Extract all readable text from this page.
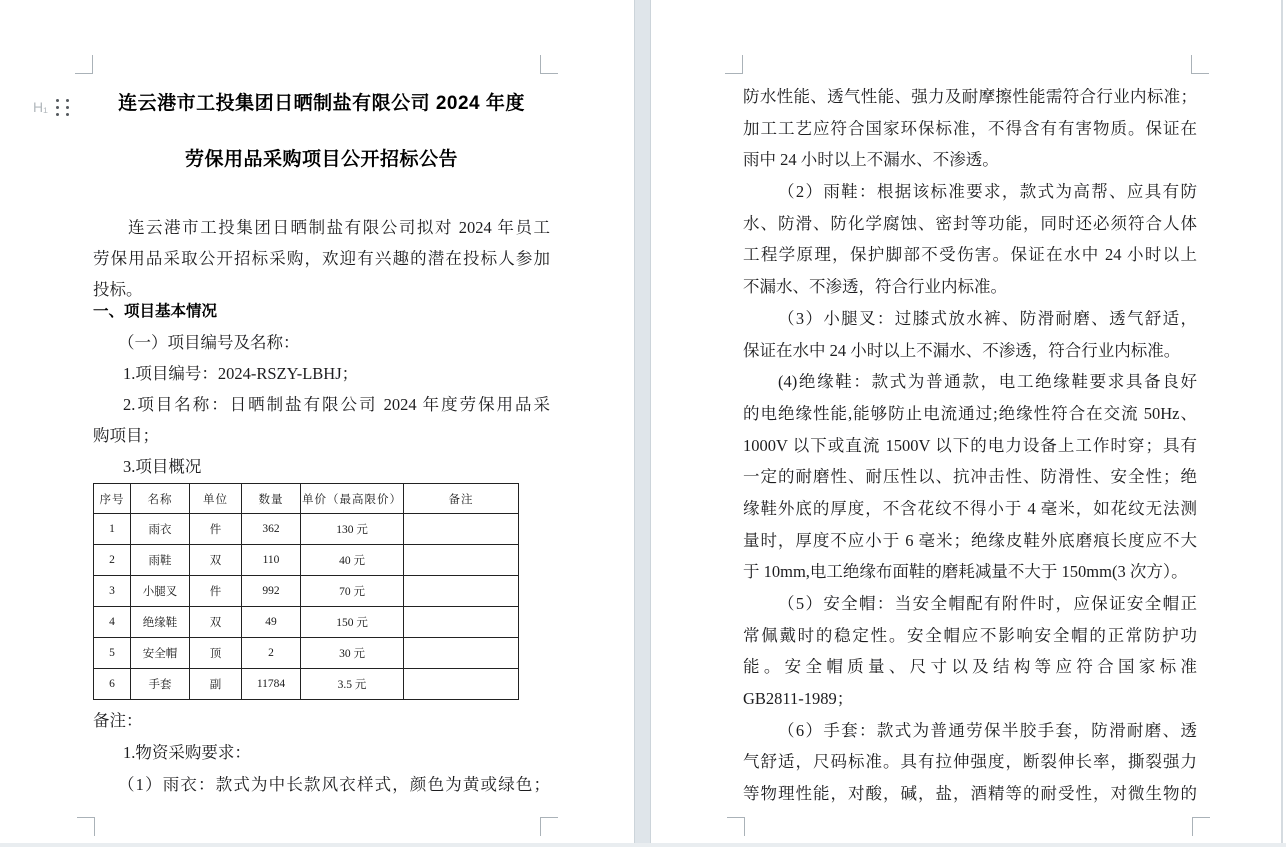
H₁	连云港市工投集团日晒制盐有限公司 2024 年度
劳保用品采购项目公开招标公告
连云港市工投集团日晒制盐有限公司拟对 2024 年员工
劳保用品采取公开招标采购，欢迎有兴趣的潜在投标人参加
投标。
一、项目基本情况
（一）项目编号及名称：
1.项目编号：2024-RSZY-LBHJ；
2.项目名称：日晒制盐有限公司 2024 年度劳保用品采
购项目；
3.项目概况
序号	名称	单位	数量	单价（最高限价）	备注
1	雨衣	件	362	130 元	
2	雨鞋	双	110	40 元	
3	小腿叉	件	992	70 元	
4	绝缘鞋	双	49	150 元	
5	安全帽	顶	2	30 元	
6	手套	副	11784	3.5 元	
备注：
1.物资采购要求：
（1）雨衣：款式为中长款风衣样式，颜色为黄或绿色；
防水性能、透气性能、强力及耐摩擦性能需符合行业内标准；
加工工艺应符合国家环保标准，不得含有有害物质。保证在
雨中 24 小时以上不漏水、不渗透。
（2）雨鞋：根据该标准要求，款式为高帮、应具有防
水、防滑、防化学腐蚀、密封等功能，同时还必须符合人体
工程学原理，保护脚部不受伤害。保证在水中 24 小时以上
不漏水、不渗透，符合行业内标准。
（3）小腿叉：过膝式放水裤、防滑耐磨、透气舒适，
保证在水中 24 小时以上不漏水、不渗透，符合行业内标准。
(4)绝缘鞋：款式为普通款，电工绝缘鞋要求具备良好
的电绝缘性能,能够防止电流通过;绝缘性符合在交流 50Hz、
1000V 以下或直流 1500V 以下的电力设备上工作时穿；具有
一定的耐磨性、耐压性以、抗冲击性、防滑性、安全性；绝
缘鞋外底的厚度，不含花纹不得小于 4 毫米，如花纹无法测
量时，厚度不应小于 6 毫米；绝缘皮鞋外底磨痕长度应不大
于 10mm,电工绝缘布面鞋的磨耗减量不大于 150mm(3 次方）。
（5）安全帽：当安全帽配有附件时，应保证安全帽正
常佩戴时的稳定性。安全帽应不影响安全帽的正常防护功
能。安全帽质量、尺寸以及结构等应符合国家标准
GB2811-1989；
（6）手套：款式为普通劳保半胶手套，防滑耐磨、透
气舒适，尺码标准。具有拉伸强度，断裂伸长率，撕裂强力
等物理性能，对酸，碱，盐，酒精等的耐受性，对微生物的
